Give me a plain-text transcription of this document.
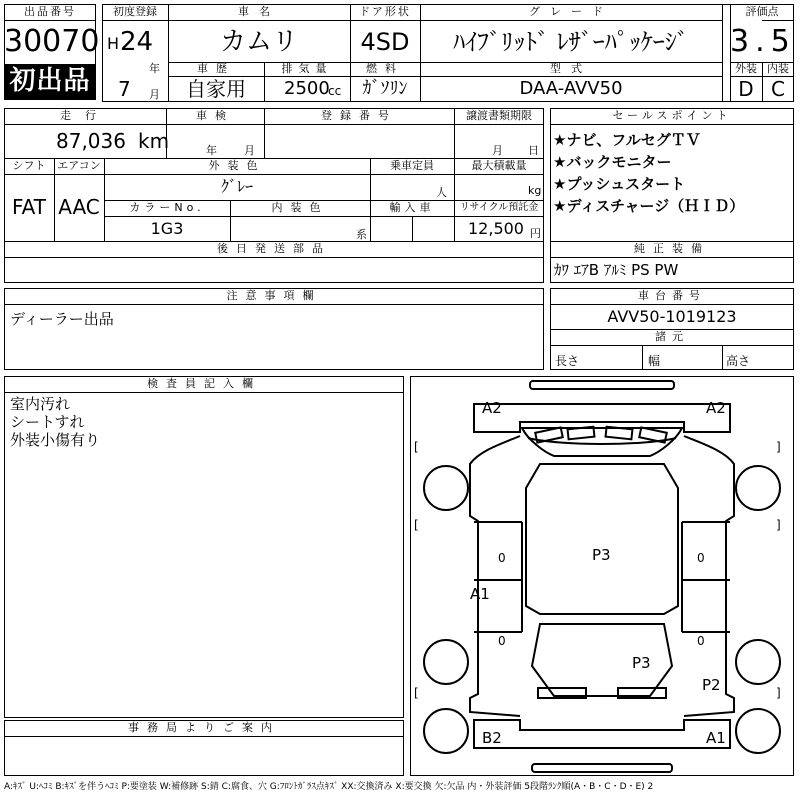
出品番号
30070
初出品
初度登録
H 24
年
7 月
車名
カムリ
ドア形状
4SD
グレード
ﾊｲﾌﾞﾘｯﾄﾞ ﾚｻﾞｰﾊﾟｯｹｰｼﾞ
評価点
3.5
車歴
自家用
排気量
2500
cc
燃料
ｶﾞｿﾘﾝ
型式
DAA-AVV50
外装
D
内装
C
走行
87,036 km
車検
年 月
登録番号	譲渡書類期限
月 日
シフト
FAT
エアコン
AAC
外装色
ｸﾞﾚｰ
乗車定員
人
最大積載量
kg
カラーNo.
1G3
内装色
系
輸入車	リサイクル預託金
12,500 円
後日発送部品
セールスポイント
★ナビ、フルセグＴＶ
★バックモニター
★プッシュスタート
★ディスチャージ（ＨＩＤ）
純正装備
ｶﾜ ｴｱB ｱﾙﾐ PS PW
注意事項欄
ディーラー出品
車台番号
AVV50-1019123
諸元
長さ	幅	高さ
検査員記入欄
室内汚れ
シートすれ
外装小傷有り
事務局よりご案内
A2	A2
P3
A1
P3
P2
B2	A1
0
0
0
0
[	]
[	]
[	]
A:ｷｽﾞ U:ﾍｺﾐ B:ｷｽﾞを伴うﾍｺﾐ P:要塗装 W:補修跡 S:錆 C:腐食、穴 G:ﾌﾛﾝﾄｶﾞﾗｽ点ｷｽﾞ XX:交換済み X:要交換 欠:欠品 内・外装評価 5段階ﾗﾝｸ順(A・B・C・D・E) 2
